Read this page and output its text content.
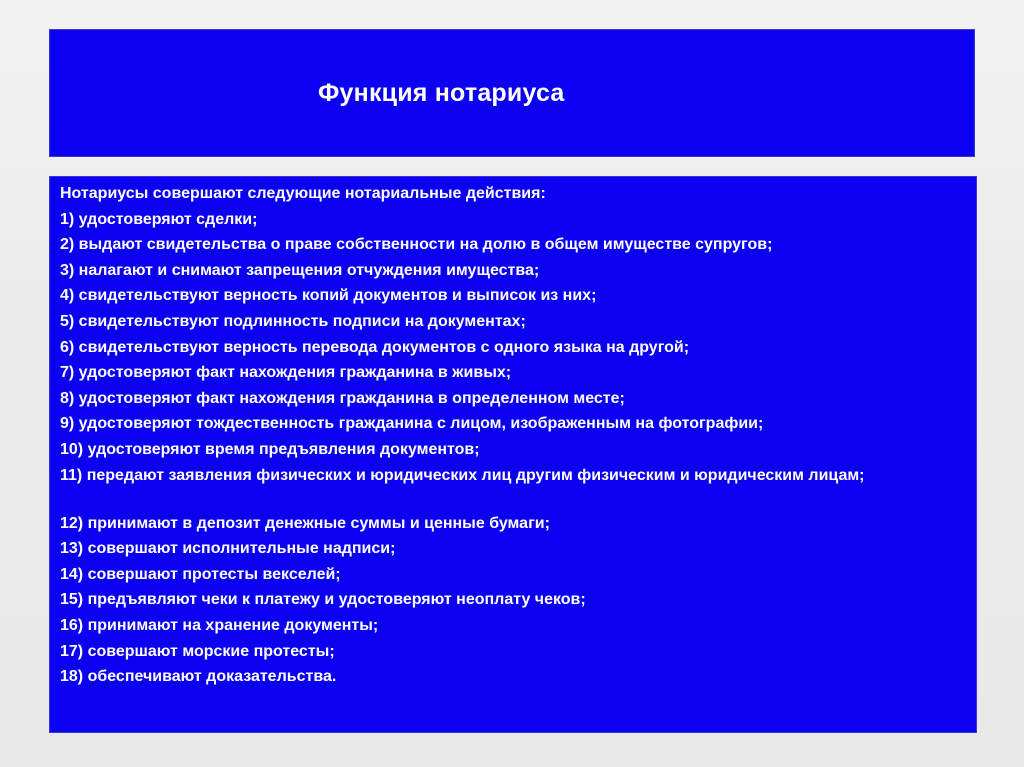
Функция нотариуса
Нотариусы совершают следующие нотариальные действия:
1) удостоверяют сделки;
2) выдают свидетельства о праве собственности на долю в общем имуществе супругов;
3) налагают и снимают запрещения отчуждения имущества;
4) свидетельствуют верность копий документов и выписок из них;
5) свидетельствуют подлинность подписи на документах;
6) свидетельствуют верность перевода документов с одного языка на другой;
7) удостоверяют факт нахождения гражданина в живых;
8) удостоверяют факт нахождения гражданина в определенном месте;
9) удостоверяют тождественность гражданина с лицом, изображенным на фотографии;
10) удостоверяют время предъявления документов;
11) передают заявления физических и юридических лиц другим физическим и юридическим лицам;
12) принимают в депозит денежные суммы и ценные бумаги;
13) совершают исполнительные надписи;
14) совершают протесты векселей;
15) предъявляют чеки к платежу и удостоверяют неоплату чеков;
16) принимают на хранение документы;
17) совершают морские протесты;
18) обеспечивают доказательства.
